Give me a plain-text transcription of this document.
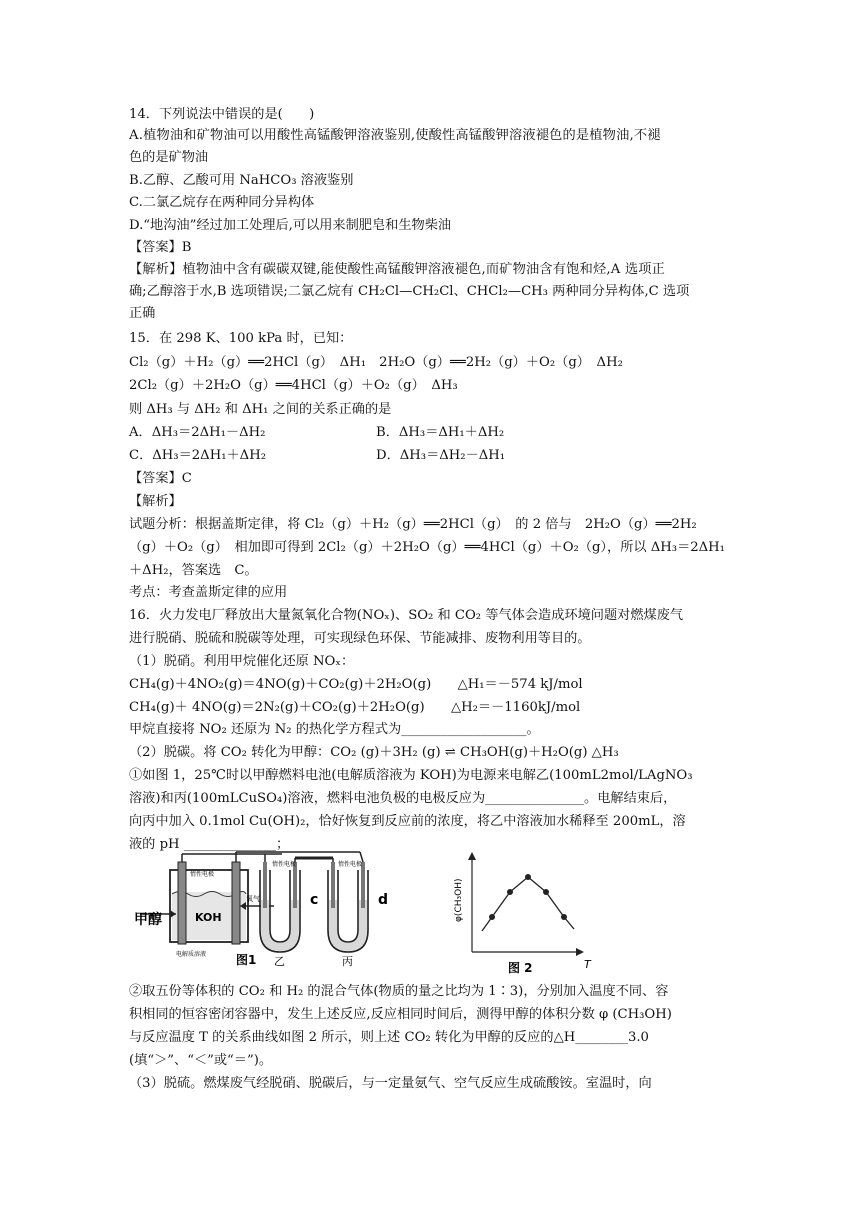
14．下列说法中错误的是(　　)
A.植物油和矿物油可以用酸性高锰酸钾溶液鉴别,使酸性高锰酸钾溶液褪色的是植物油,不褪
色的是矿物油
B.乙醇、乙酸可用 NaHCO₃ 溶液鉴别
C.二氯乙烷存在两种同分异构体
D.“地沟油”经过加工处理后,可以用来制肥皂和生物柴油
【答案】B
【解析】植物油中含有碳碳双键,能使酸性高锰酸钾溶液褪色,而矿物油含有饱和烃,A 选项正
确;乙醇溶于水,B 选项错误;二氯乙烷有 CH₂Cl—CH₂Cl、CHCl₂—CH₃ 两种同分异构体,C 选项
正确
15．在 298 K、100 kPa 时，已知：
Cl₂（g）＋H₂（g）══2HCl（g）　ΔH₁　2H₂O（g）══2H₂（g）＋O₂（g）　ΔH₂
2Cl₂（g）＋2H₂O（g）══4HCl（g）＋O₂（g）　ΔH₃
则 ΔH₃ 与 ΔH₂ 和 ΔH₁ 之间的关系正确的是
A．ΔH₃＝2ΔH₁－ΔH₂	B．ΔH₃＝ΔH₁＋ΔH₂
C．ΔH₃＝2ΔH₁＋ΔH₂	D．ΔH₃＝ΔH₂－ΔH₁
【答案】C
【解析】
试题分析：根据盖斯定律，将 Cl₂（g）＋H₂（g）══2HCl（g）　的 2 倍与　2H₂O（g）══2H₂
（g）＋O₂（g）　相加即可得到 2Cl₂（g）＋2H₂O（g）══4HCl（g）＋O₂（g），所以 ΔH₃＝2ΔH₁
＋ΔH₂，答案选　C。
考点：考查盖斯定律的应用
16．火力发电厂释放出大量氮氧化合物(NOₓ)、SO₂ 和 CO₂ 等气体会造成环境问题对燃煤废气
进行脱硝、脱硫和脱碳等处理，可实现绿色环保、节能减排、废物利用等目的。
（1）脱硝。利用甲烷催化还原 NOₓ：
CH₄(g)＋4NO₂(g)＝4NO(g)＋CO₂(g)＋2H₂O(g)　　△H₁＝－574 kJ/mol
CH₄(g)＋ 4NO(g)＝2N₂(g)＋CO₂(g)＋2H₂O(g)　　△H₂＝－1160kJ/mol
甲烷直接将 NO₂ 还原为 N₂ 的热化学方程式为___________________。
（2）脱碳。将 CO₂ 转化为甲醇：CO₂ (g)＋3H₂ (g) ⇌ CH₃OH(g)＋H₂O(g) △H₃
①如图 1，25℃时以甲醇燃料电池(电解质溶液为 KOH)为电源来电解乙(100mL2mol/LAgNO₃
溶液)和丙(100mLCuSO₄)溶液，燃料电池负极的电极反应为_______________。电解结束后，
向丙中加入 0.1mol Cu(OH)₂，恰好恢复到反应前的浓度，将乙中溶液加水稀释至 200mL，溶
液的 pH ______________；
甲醇	KOH
氧气
惰性电极
电解质溶液
惰性电极	惰性电极
c	d
图1 乙	丙
φ(CH₃OH)
T
图 2
②取五份等体积的 CO₂ 和 H₂ 的混合气体(物质的量之比均为 1∶3)，分别加入温度不同、容
积相同的恒容密闭容器中，发生上述反应,反应相同时间后，测得甲醇的体积分数 φ (CH₃OH)
与反应温度 T 的关系曲线如图 2 所示，则上述 CO₂ 转化为甲醇的反应的△H________3.0
(填“＞”、“＜”或“＝”)。
（3）脱硫。燃煤废气经脱硝、脱碳后，与一定量氨气、空气反应生成硫酸铵。室温时，向
